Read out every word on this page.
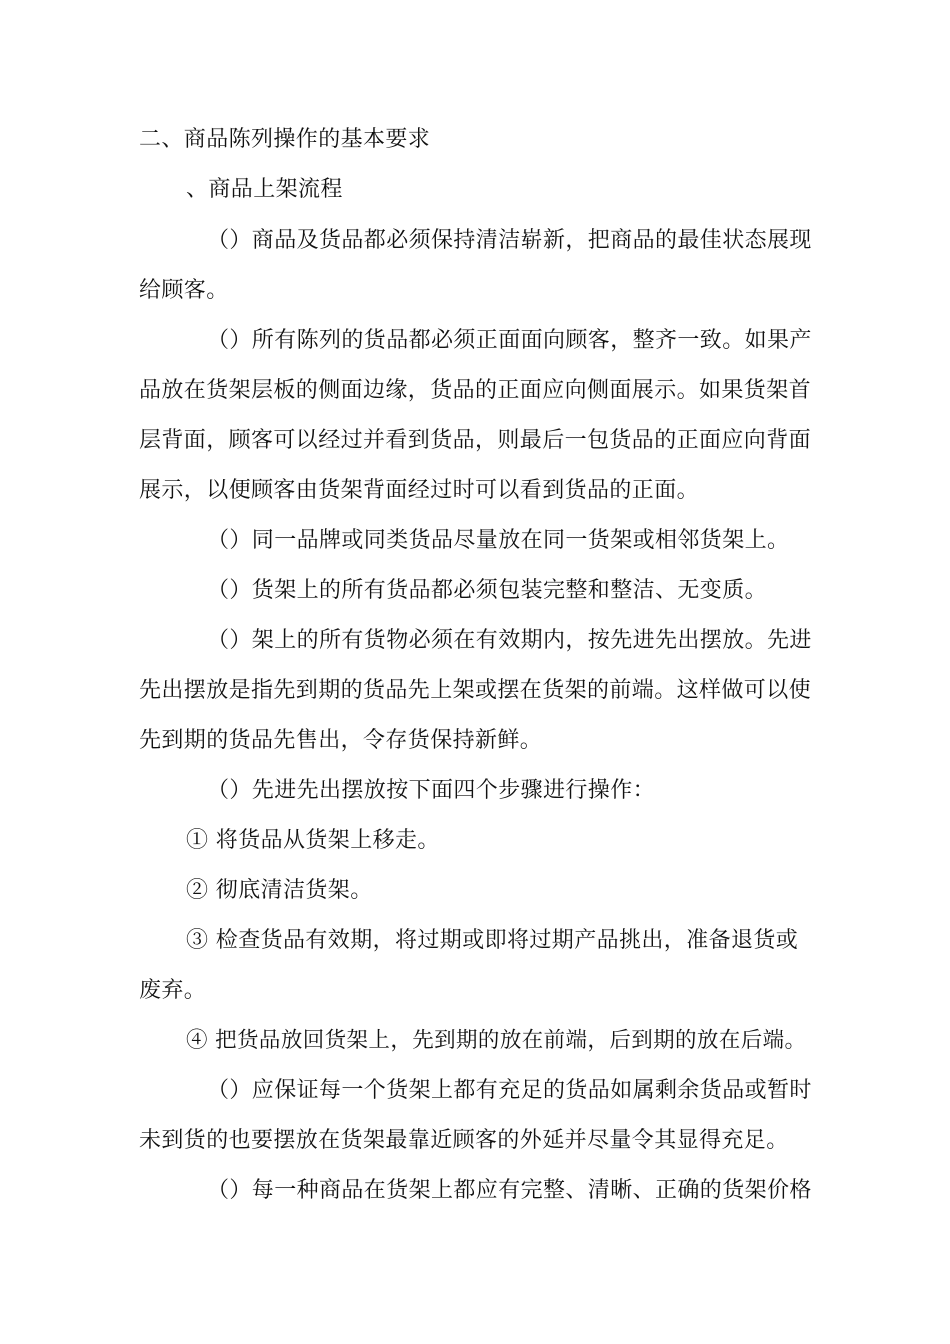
二、商品陈列操作的基本要求
、商品上架流程
（）商品及货品都必须保持清洁崭新，把商品的最佳状态展现
给顾客。
（）所有陈列的货品都必须正面面向顾客，整齐一致。如果产
品放在货架层板的侧面边缘，货品的正面应向侧面展示。如果货架首
层背面，顾客可以经过并看到货品，则最后一包货品的正面应向背面
展示，以便顾客由货架背面经过时可以看到货品的正面。
（）同一品牌或同类货品尽量放在同一货架或相邻货架上。
（）货架上的所有货品都必须包装完整和整洁、无变质。
（）架上的所有货物必须在有效期内，按先进先出摆放。先进
先出摆放是指先到期的货品先上架或摆在货架的前端。这样做可以使
先到期的货品先售出，令存货保持新鲜。
（）先进先出摆放按下面四个步骤进行操作：
① 将货品从货架上移走。
② 彻底清洁货架。
③ 检查货品有效期，将过期或即将过期产品挑出，准备退货或
废弃。
④ 把货品放回货架上，先到期的放在前端，后到期的放在后端。
（）应保证每一个货架上都有充足的货品如属剩余货品或暂时
未到货的也要摆放在货架最靠近顾客的外延并尽量令其显得充足。
（）每一种商品在货架上都应有完整、清晰、正确的货架价格
